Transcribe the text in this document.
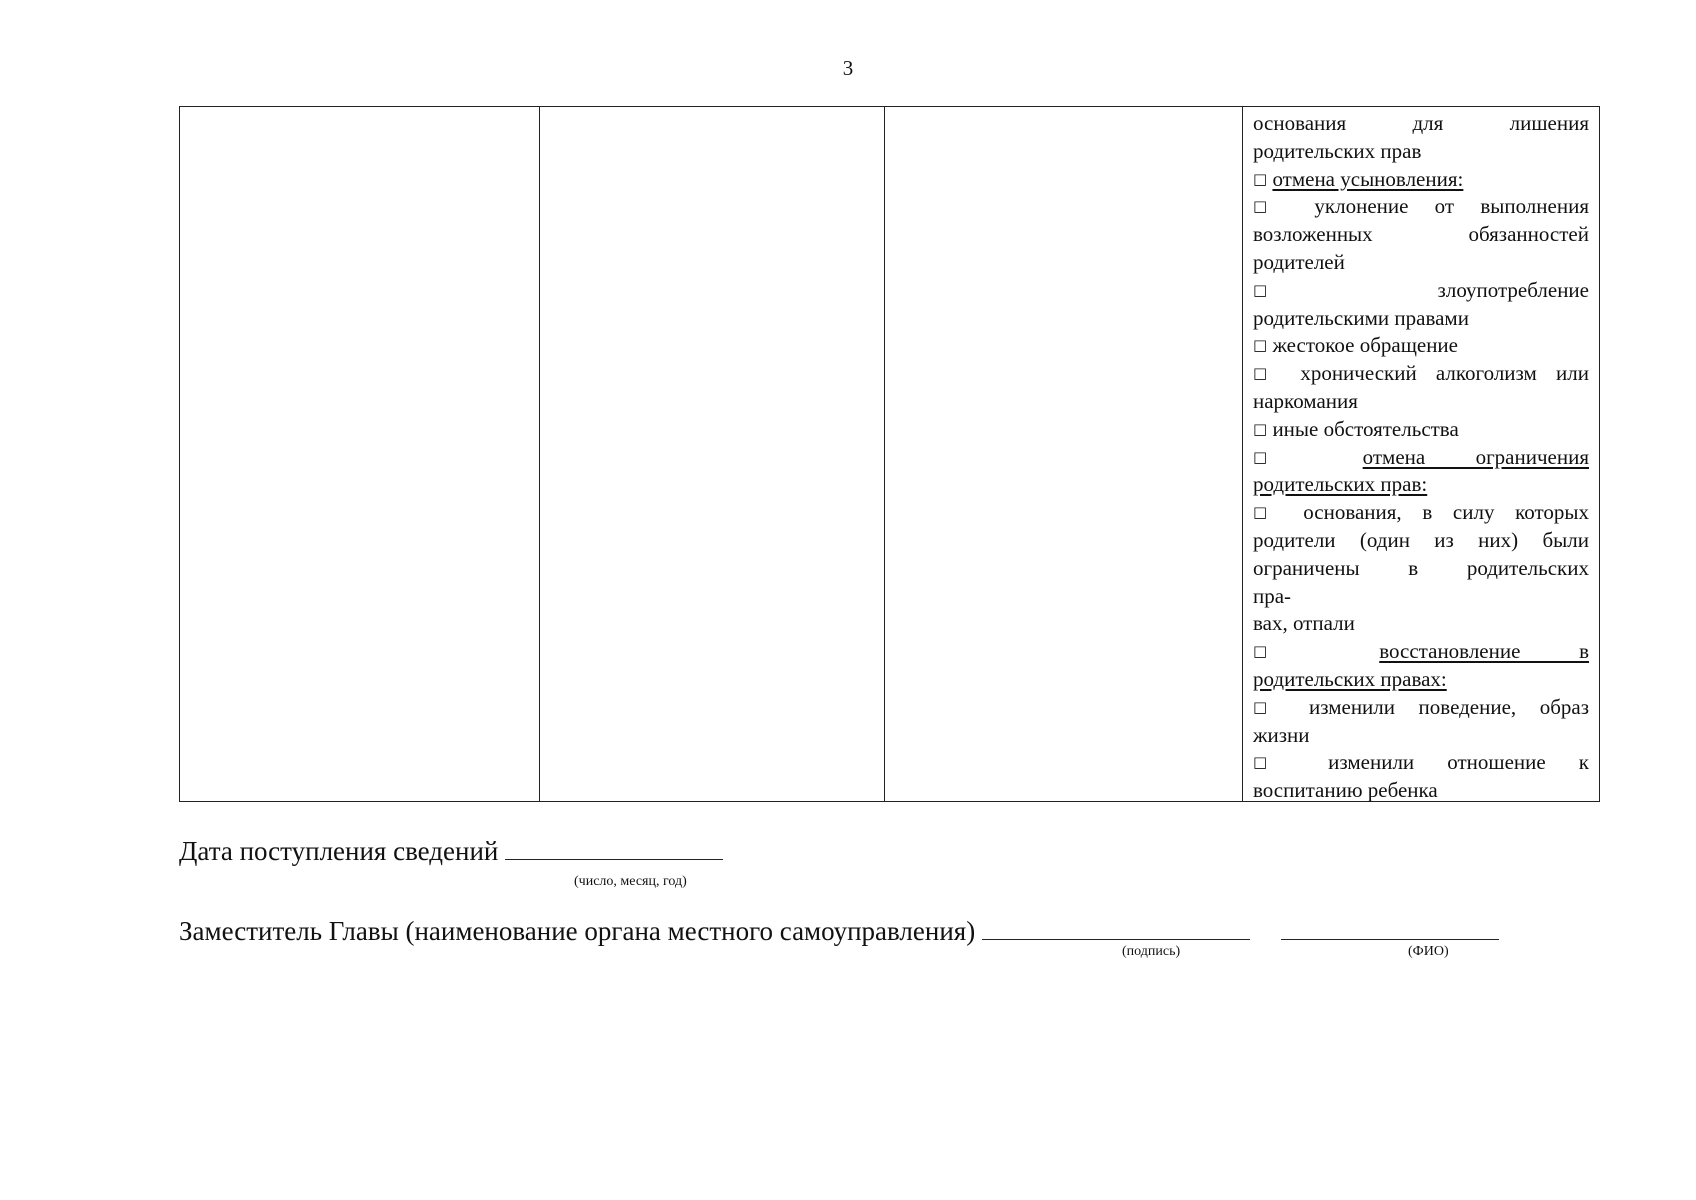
3
основания для лишения
родительских прав
□ отмена усыновления:
□ уклонение от выполнения
возложенных обязанностей
родителей
□ злоупотребление
родительскими правами
□ жестокое обращение
□ хронический алкоголизм или
наркомания
□ иные обстоятельства
□ отмена ограничения
родительских прав:
□ основания, в силу которых
родители (один из них) были
ограничены в родительских
пра-
вах, отпали
□	восстановление в
родительских правах:
□ изменили поведение, образ
жизни
□ изменили отношение к
воспитанию ребенка
Дата поступления сведений
(число, месяц, год)
Заместитель Главы (наименование органа местного самоуправления)
(подпись)	(ФИО)
